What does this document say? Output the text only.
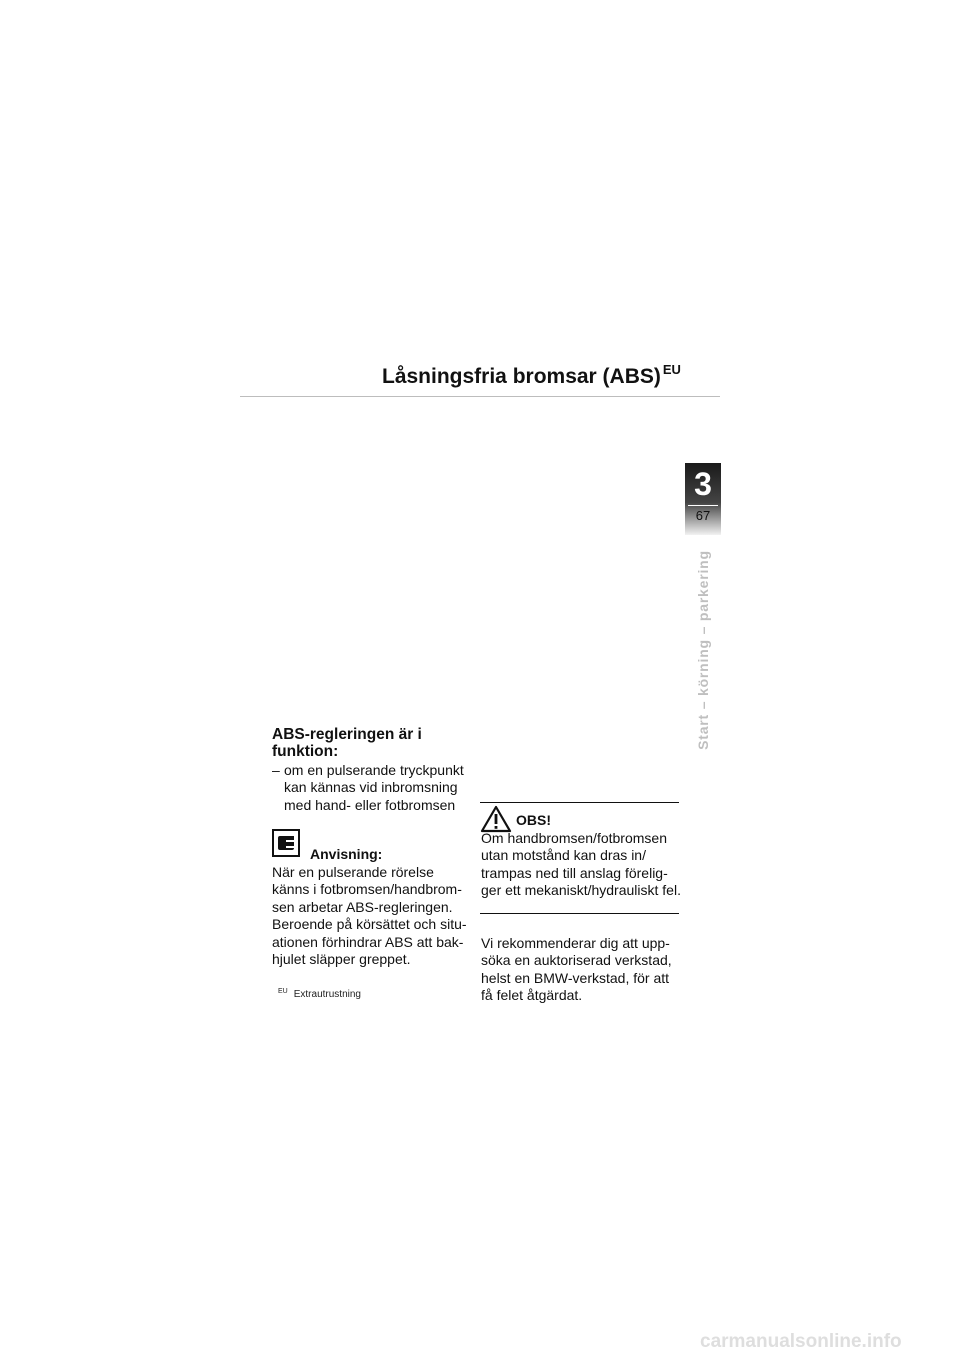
Låsningsfria bromsar (ABS) $^{EU}$
3
67
Start – körning – parkering
ABS-regleringen är i funktion:
– om en pulserande tryckpunkt kan kännas vid inbromsning med hand- eller fotbromsen
Anvisning:
När en pulserande rörelse känns i fotbromsen/handbrom-sen arbetar ABS-regleringen. Beroende på körsättet och situ-ationen förhindrar ABS att bak-hjulet släpper greppet.
$^{EU}$ Extrautrustning
OBS!
Om handbromsen/fotbromsen utan motstånd kan dras in/ trampas ned till anslag förelig-ger ett mekaniskt/hydrauliskt fel.
Vi rekommenderar dig att upp-söka en auktoriserad verkstad, helst en BMW-verkstad, för att få felet åtgärdat.
carmanualsonline.info
